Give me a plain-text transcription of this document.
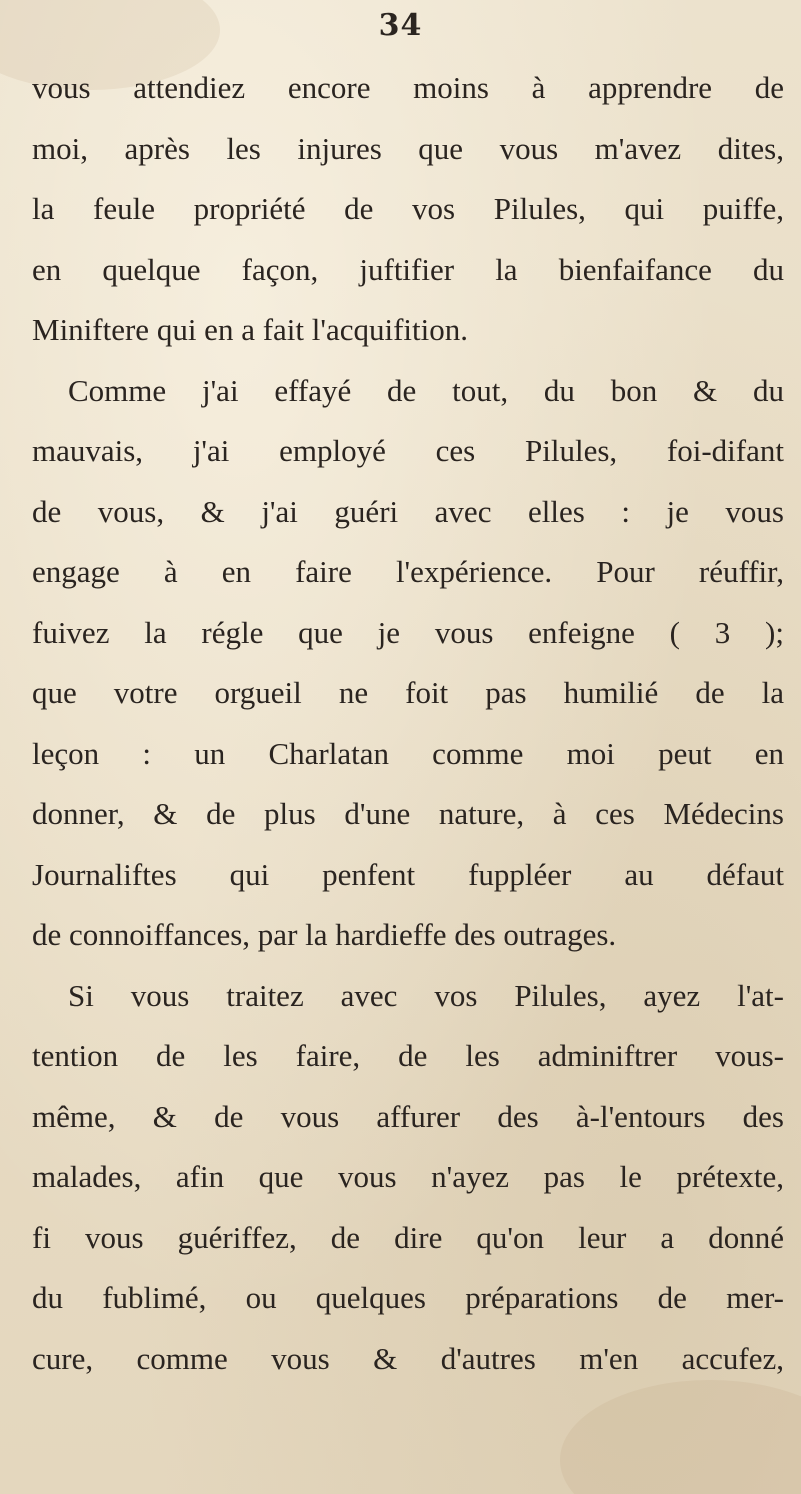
34
vous attendiez encore moins à apprendre de
moi, après les injures que vous m'avez dites,
la feule propriété de vos Pilules, qui puiffe,
en quelque façon, juftifier la bienfaifance du
Miniftere qui en a fait l'acquifition.
Comme j'ai effayé de tout, du bon & du
mauvais, j'ai employé ces Pilules, foi-difant
de vous, & j'ai guéri avec elles : je vous
engage à en faire l'expérience. Pour réuffir,
fuivez la régle que je vous enfeigne ( 3 );
que votre orgueil ne foit pas humilié de la
leçon : un Charlatan comme moi peut en
donner, & de plus d'une nature, à ces Médecins
Journaliftes qui penfent fuppléer au défaut
de connoiffances, par la hardieffe des outrages.
Si vous traitez avec vos Pilules, ayez l'at-
tention de les faire, de les adminiftrer vous-
même, & de vous affurer des à-l'entours des
malades, afin que vous n'ayez pas le prétexte,
fi vous guériffez, de dire qu'on leur a donné
du fublimé, ou quelques préparations de mer-
cure, comme vous & d'autres m'en accufez,
